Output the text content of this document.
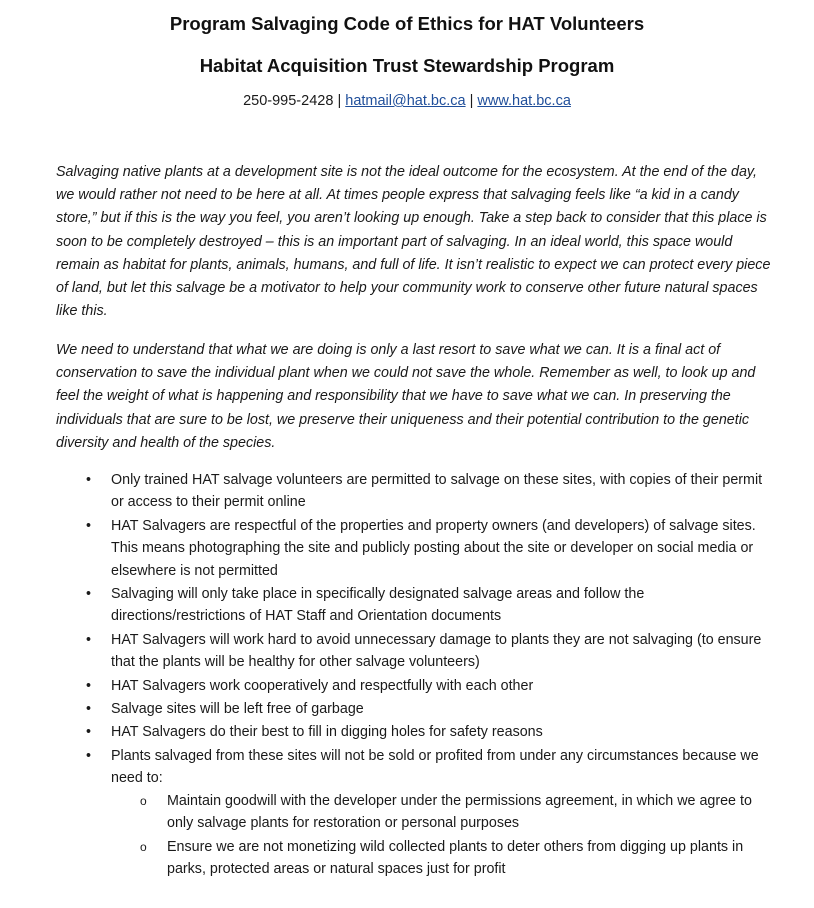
Program Salvaging Code of Ethics for HAT Volunteers
Habitat Acquisition Trust Stewardship Program
250-995-2428 | hatmail@hat.bc.ca | www.hat.bc.ca

Salvaging native plants at a development site is not the ideal outcome for the ecosystem. At the end of the day, we would rather not need to be here at all. At times people express that salvaging feels like “a kid in a candy store,” but if this is the way you feel, you aren’t looking up enough. Take a step back to consider that this place is soon to be completely destroyed – this is an important part of salvaging. In an ideal world, this space would remain as habitat for plants, animals, humans, and full of life. It isn’t realistic to expect we can protect every piece of land, but let this salvage be a motivator to help your community work to conserve other future natural spaces like this.

We need to understand that what we are doing is only a last resort to save what we can. It is a final act of conservation to save the individual plant when we could not save the whole. Remember as well, to look up and feel the weight of what is happening and responsibility that we have to save what we can. In preserving the individuals that are sure to be lost, we preserve their uniqueness and their potential contribution to the genetic diversity and health of the species.

• Only trained HAT salvage volunteers are permitted to salvage on these sites, with copies of their permit or access to their permit online
• HAT Salvagers are respectful of the properties and property owners (and developers) of salvage sites. This means photographing the site and publicly posting about the site or developer on social media or elsewhere is not permitted
• Salvaging will only take place in specifically designated salvage areas and follow the directions/restrictions of HAT Staff and Orientation documents
• HAT Salvagers will work hard to avoid unnecessary damage to plants they are not salvaging (to ensure that the plants will be healthy for other salvage volunteers)
• HAT Salvagers work cooperatively and respectfully with each other
• Salvage sites will be left free of garbage
• HAT Salvagers do their best to fill in digging holes for safety reasons
• Plants salvaged from these sites will not be sold or profited from under any circumstances because we need to:
o Maintain goodwill with the developer under the permissions agreement, in which we agree to only salvage plants for restoration or personal purposes
o Ensure we are not monetizing wild collected plants to deter others from digging up plants in parks, protected areas or natural spaces just for profit
